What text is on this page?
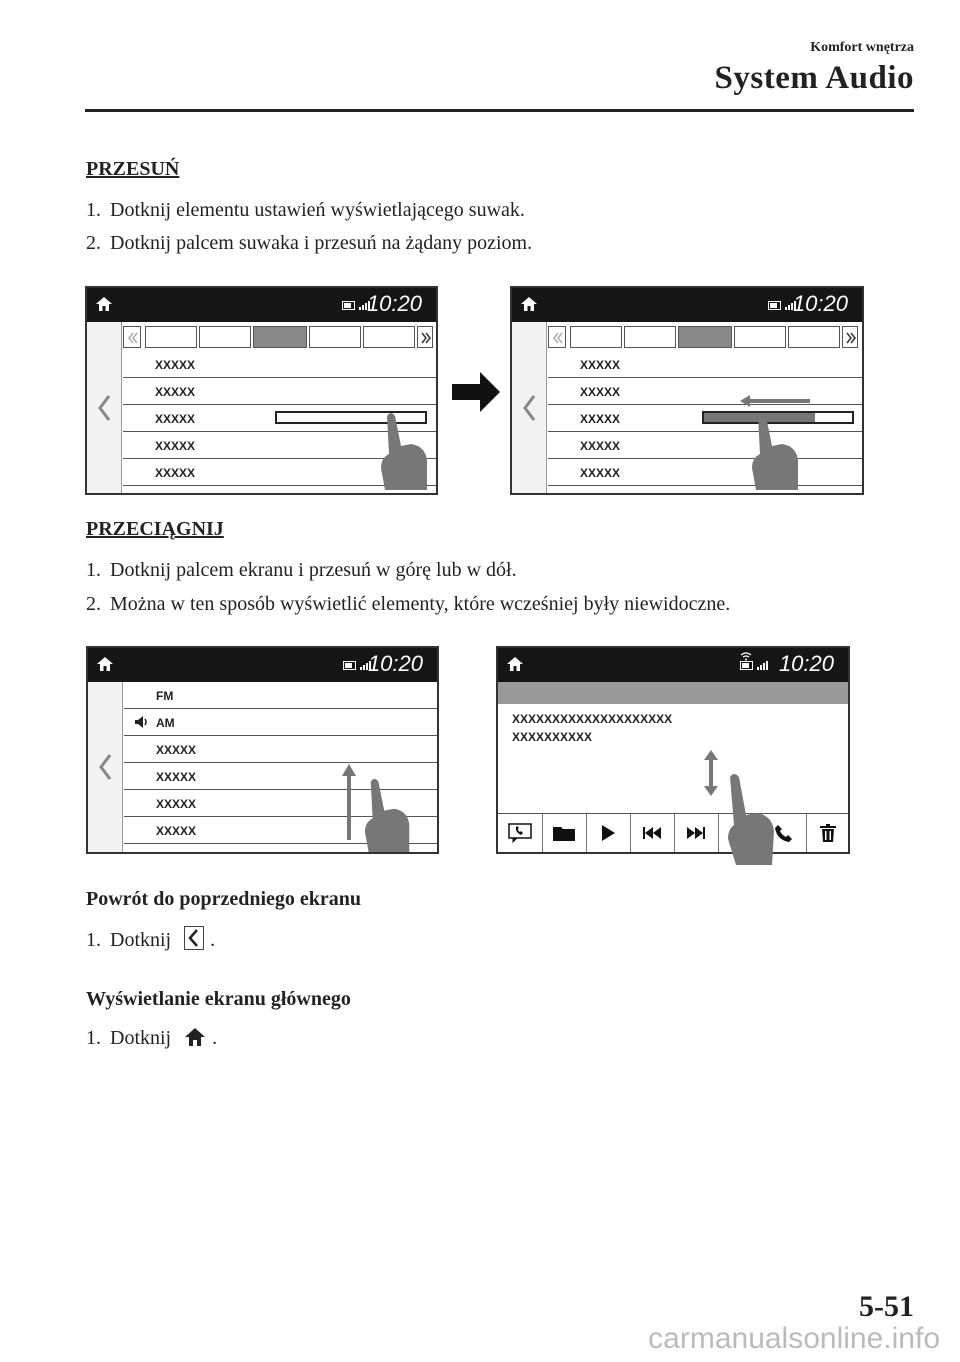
Komfort wnętrza
System Audio
PRZESUŃ
1. Dotknij elementu ustawień wyświetlającego suwak.
2. Dotknij palcem suwaka i przesuń na żądany poziom.
10:20
XXXXX
XXXXX
XXXXX
XXXXX
XXXXX
10:20
XXXXX
XXXXX
XXXXX
XXXXX
XXXXX
PRZECIĄGNIJ
1. Dotknij palcem ekranu i przesuń w górę lub w dół.
2. Można w ten sposób wyświetlić elementy, które wcześniej były niewidoczne.
10:20
FM
AM
XXXXX
XXXXX
XXXXX
XXXXX
10:20
XXXXXXXXXXXXXXXXXXXX
XXXXXXXXXX
Powrót do poprzedniego ekranu
1. Dotknij .
Wyświetlanie ekranu głównego
1. Dotknij .
5-51
carmanualsonline.info
